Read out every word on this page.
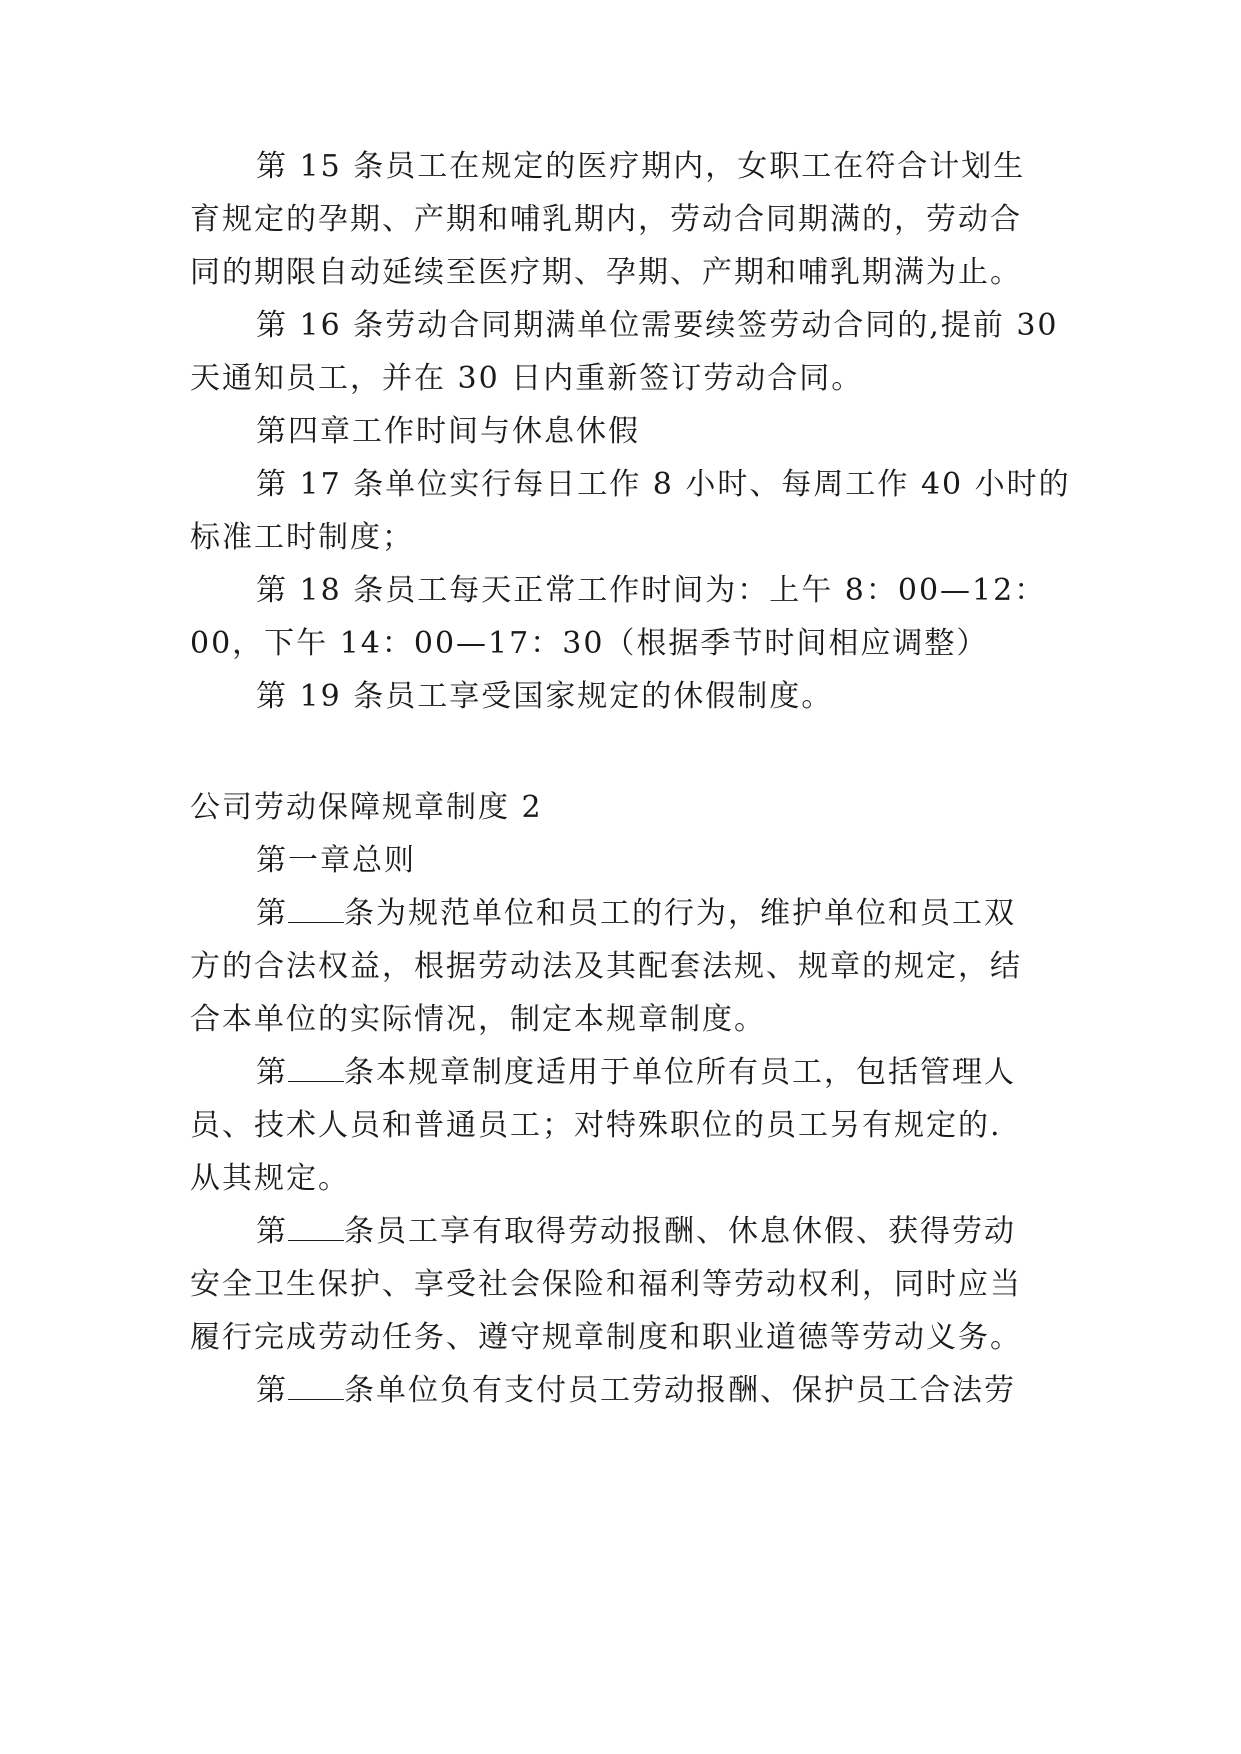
第 15 条员工在规定的医疗期内，女职工在符合计划生
育规定的孕期、产期和哺乳期内，劳动合同期满的，劳动合
同的期限自动延续至医疗期、孕期、产期和哺乳期满为止。
第 16 条劳动合同期满单位需要续签劳动合同的,提前 30
天通知员工，并在 30 日内重新签订劳动合同。
第四章工作时间与休息休假
第 17 条单位实行每日工作 8 小时、每周工作 40 小时的
标准工时制度；
第 18 条员工每天正常工作时间为：上午 8：00—12：
00，下午 14：00—17：30（根据季节时间相应调整）
第 19 条员工享受国家规定的休假制度。
公司劳动保障规章制度 2
第一章总则
第 条为规范单位和员工的行为，维护单位和员工双
方的合法权益，根据劳动法及其配套法规、规章的规定，结
合本单位的实际情况，制定本规章制度。
第 条本规章制度适用于单位所有员工，包括管理人
员、技术人员和普通员工；对特殊职位的员工另有规定的.
从其规定。
第 条员工享有取得劳动报酬、休息休假、获得劳动
安全卫生保护、享受社会保险和福利等劳动权利，同时应当
履行完成劳动任务、遵守规章制度和职业道德等劳动义务。
第 条单位负有支付员工劳动报酬、保护员工合法劳
